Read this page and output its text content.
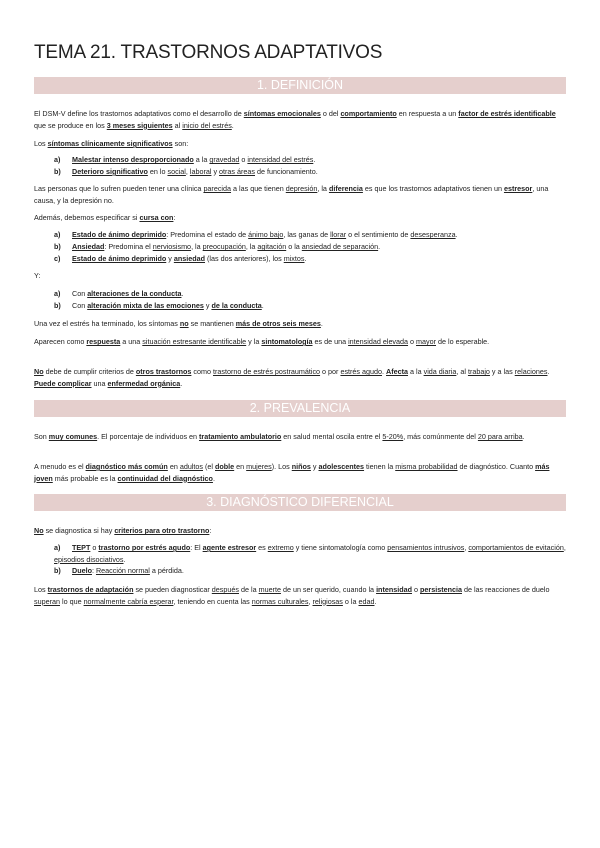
TEMA 21. TRASTORNOS ADAPTATIVOS
1. DEFINICIÓN

El DSM-V define los trastornos adaptativos como el desarrollo de síntomas emocionales o del comportamiento en respuesta a un factor de estrés identificable que se produce en los 3 meses siguientes al inicio del estrés.

Los síntomas clínicamente significativos son:

a) Malestar intenso desproporcionado a la gravedad o intensidad del estrés.
b) Deterioro significativo en lo social, laboral y otras áreas de funcionamiento.

Las personas que lo sufren pueden tener una clínica parecida a las que tienen depresión, la diferencia es que los trastornos adaptativos tienen un estresor, una causa, y la depresión no.

Además, debemos especificar si cursa con:

a) Estado de ánimo deprimido: Predomina el estado de ánimo bajo, las ganas de llorar o el sentimiento de desesperanza.
b) Ansiedad: Predomina el nerviosismo, la preocupación, la agitación o la ansiedad de separación.
c) Estado de ánimo deprimido y ansiedad (las dos anteriores), los mixtos.

Y:

a) Con alteraciones de la conducta.
b) Con alteración mixta de las emociones y de la conducta.

Una vez el estrés ha terminado, los síntomas no se mantienen más de otros seis meses.

Aparecen como respuesta a una situación estresante identificable y la sintomatología es de una intensidad elevada o mayor de lo esperable.

No debe de cumplir criterios de otros trastornos como trastorno de estrés postraumático o por estrés agudo. Afecta a la vida diaria, al trabajo y a las relaciones. Puede complicar una enfermedad orgánica.

2. PREVALENCIA

Son muy comunes. El porcentaje de individuos en tratamiento ambulatorio en salud mental oscila entre el 5-20%, más comúnmente del 20 para arriba.

A menudo es el diagnóstico más común en adultos (el doble en mujeres). Los niños y adolescentes tienen la misma probabilidad de diagnóstico. Cuanto más joven más probable es la continuidad del diagnóstico.

3. DIAGNÓSTICO DIFERENCIAL

No se diagnostica si hay criterios para otro trastorno:

a) TEPT o trastorno por estrés agudo: El agente estresor es extremo y tiene sintomatología como pensamientos intrusivos, comportamientos de evitación, episodios disociativos.
b) Duelo: Reacción normal a pérdida.

Los trastornos de adaptación se pueden diagnosticar después de la muerte de un ser querido, cuando la intensidad o persistencia de las reacciones de duelo superan lo que normalmente cabría esperar, teniendo en cuenta las normas culturales, religiosas o la edad.
